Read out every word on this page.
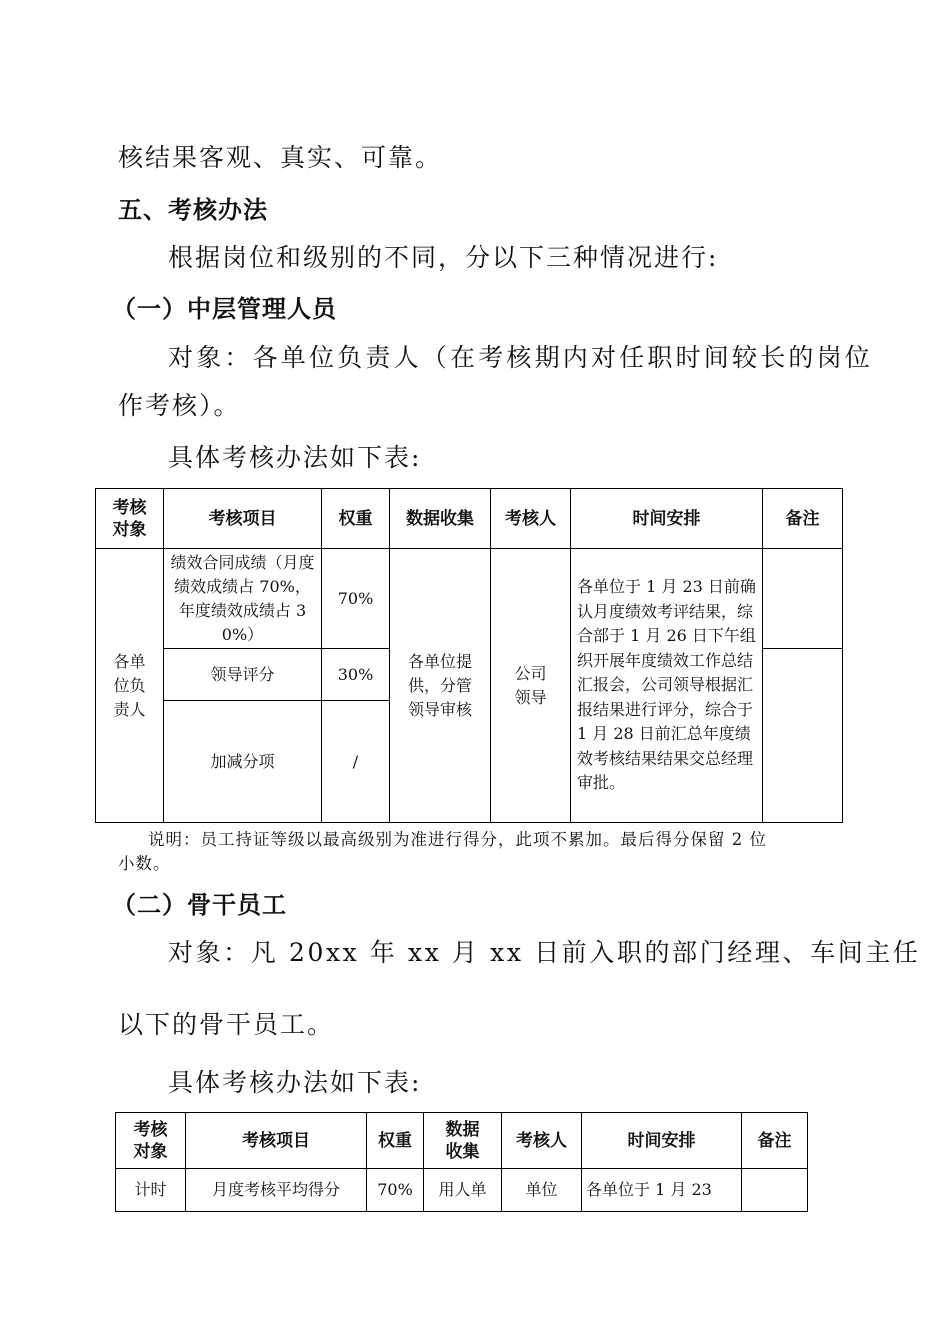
核结果客观、真实、可靠。
五、考核办法
根据岗位和级别的不同，分以下三种情况进行:
（一）中层管理人员
对象：各单位负责人（在考核期内对任职时间较长的岗位
作考核）。
具体考核办法如下表:
考核对象	考核项目	权重	数据收集	考核人	时间安排	备注
各单位负责人	绩效合同成绩（月度绩效成绩占 70%，年度绩效成绩占 30%）	70%	各单位提供，分管领导审核	公司领导	各单位于 1 月 23 日前确认月度绩效考评结果，综合部于 1 月 26 日下午组织开展年度绩效工作总结汇报会，公司领导根据汇报结果进行评分，综合于 1 月 28 日前汇总年度绩效考核结果结果交总经理审批。	
	领导评分	30%				
	加减分项	/				
说明：员工持证等级以最高级别为准进行得分，此项不累加。最后得分保留 2 位
小数。
（二）骨干员工
对象：凡 20xx 年 xx 月 xx 日前入职的部门经理、车间主任
以下的骨干员工。
具体考核办法如下表:
考核对象	考核项目	权重	数据收集	考核人	时间安排	备注
计时	月度考核平均得分	70%	用人单	单位	各单位于 1 月 23	
